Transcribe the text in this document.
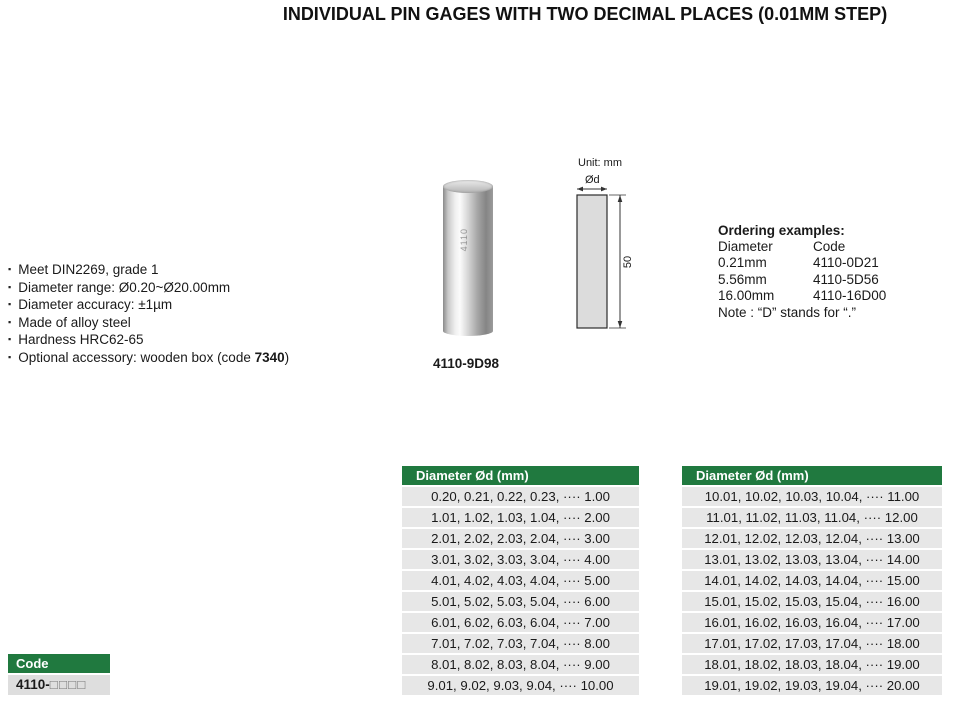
INDIVIDUAL PIN GAGES WITH TWO DECIMAL PLACES (0.01MM STEP)
▪ Meet DIN2269, grade 1
▪ Diameter range: Ø0.20~Ø20.00mm
▪ Diameter accuracy: ±1µm
▪ Made of alloy steel
▪ Hardness HRC62-65
▪ Optional accessory: wooden box (code 7340)
4110
4110-9D98
Unit: mm
Ød
50
Ordering examples:
Diameter	Code
0.21mm	4110-0D21
5.56mm	4110-5D56
16.00mm	4110-16D00
Note : “D” stands for “.”
Diameter Ød (mm)
0.20, 0.21, 0.22, 0.23, ···· 1.00
1.01, 1.02, 1.03, 1.04, ···· 2.00
2.01, 2.02, 2.03, 2.04, ···· 3.00
3.01, 3.02, 3.03, 3.04, ···· 4.00
4.01, 4.02, 4.03, 4.04, ···· 5.00
5.01, 5.02, 5.03, 5.04, ···· 6.00
6.01, 6.02, 6.03, 6.04, ···· 7.00
7.01, 7.02, 7.03, 7.04, ···· 8.00
8.01, 8.02, 8.03, 8.04, ···· 9.00
9.01, 9.02, 9.03, 9.04, ···· 10.00
Diameter Ød (mm)
10.01, 10.02, 10.03, 10.04, ···· 11.00
11.01, 11.02, 11.03, 11.04, ···· 12.00
12.01, 12.02, 12.03, 12.04, ···· 13.00
13.01, 13.02, 13.03, 13.04, ···· 14.00
14.01, 14.02, 14.03, 14.04, ···· 15.00
15.01, 15.02, 15.03, 15.04, ···· 16.00
16.01, 16.02, 16.03, 16.04, ···· 17.00
17.01, 17.02, 17.03, 17.04, ···· 18.00
18.01, 18.02, 18.03, 18.04, ···· 19.00
19.01, 19.02, 19.03, 19.04, ···· 20.00
Code
4110-□□□□
